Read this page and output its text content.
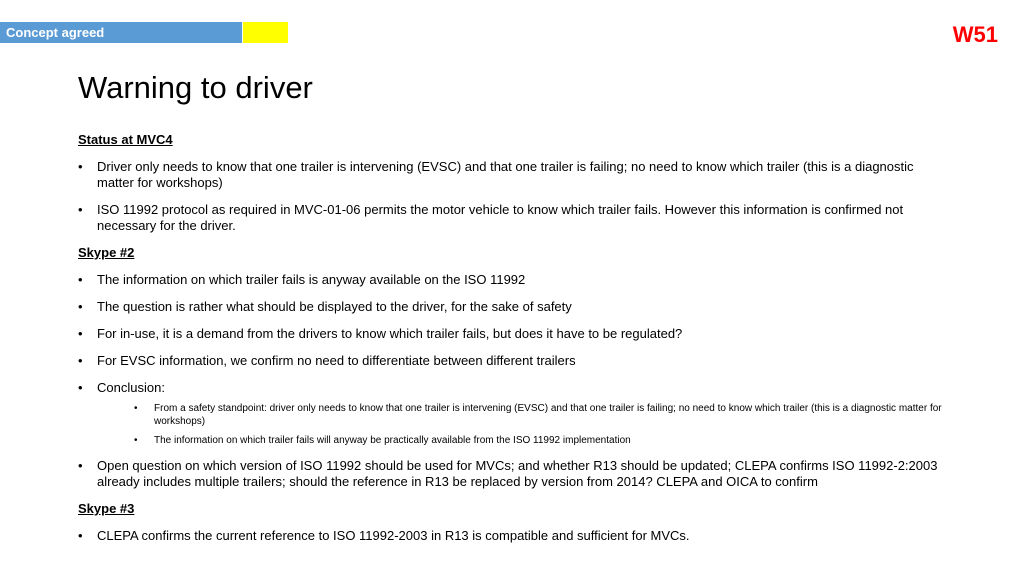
Concept agreed	W51
Warning to driver
Status at MVC4
• Driver only needs to know that one trailer is intervening (EVSC) and that one trailer is failing; no need to know which trailer (this is a diagnostic matter for workshops)
• ISO 11992 protocol as required in MVC-01-06 permits the motor vehicle to know which trailer fails. However this information is confirmed not necessary for the driver.
Skype #2
• The information on which trailer fails is anyway available on the ISO 11992
• The question is rather what should be displayed to the driver, for the sake of safety
• For in-use, it is a demand from the drivers to know which trailer fails, but does it have to be regulated?
• For EVSC information, we confirm no need to differentiate between different trailers
• Conclusion:
• From a safety standpoint: driver only needs to know that one trailer is intervening (EVSC) and that one trailer is failing; no need to know which trailer (this is a diagnostic matter for workshops)
• The information on which trailer fails will anyway be practically available from the ISO 11992 implementation
• Open question on which version of ISO 11992 should be used for MVCs; and whether R13 should be updated; CLEPA confirms ISO 11992-2:2003 already includes multiple trailers; should the reference in R13 be replaced by version from 2014? CLEPA and OICA to confirm
Skype #3
• CLEPA confirms the current reference to ISO 11992-2003 in R13 is compatible and sufficient for MVCs.
